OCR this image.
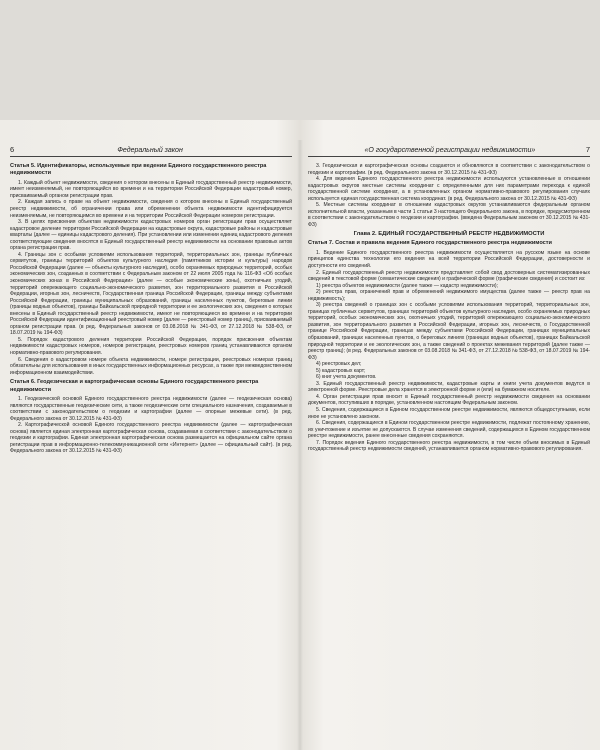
6	Федеральный закон
Статья 5. Идентификаторы, используемые при ведении Единого государственного реестра недвижимости

1. Каждый объект недвижимости, сведения о котором внесены в Единый государственный реестр недвижимости, имеет неизменяемый, не повторяющийся во времени и на территории Российской Федерации кадастровый номер, присваиваемый органом регистрации прав.

2. Каждая запись о праве на объект недвижимости, сведения о котором внесены в Единый государственный реестр недвижимости, об ограничении права или обременении объекта недвижимости идентифицируется неизменяемым, не повторяющимся во времени и на территории Российской Федерации номером регистрации.

3. В целях присвоения объектам недвижимости кадастровых номеров орган регистрации прав осуществляет кадастровое деление территории Российской Федерации на кадастровые округа, кадастровые районы и кадастровые кварталы (далее — единицы кадастрового деления). При установлении или изменении единиц кадастрового деления соответствующие сведения вносятся в Единый государственный реестр недвижимости на основании правовых актов органа регистрации прав.

4. Границы зон с особыми условиями использования территорий, территориальных зон, границы публичных сервитутов, границы территорий объектов культурного наследия (памятников истории и культуры) народов Российской Федерации (далее — объекты культурного наследия), особо охраняемых природных территорий, особых экономических зон, созданных в соответствии с Федеральным законом от 22 июля 2005 года № 116-ФЗ «Об особых экономических зонах в Российской Федерации» (далее — особые экономические зоны), охотничьих угодий, территорий опережающего социально-экономического развития, зон территориального развития в Российской Федерации, игорных зон, лесничеств, Государственная граница Российской Федерации, границы между субъектами Российской Федерации, границы муниципальных образований, границы населенных пунктов, береговые линии (границы водных объектов), границы Байкальской природной территории и ее экологических зон, сведения о которых внесены в Единый государственный реестр недвижимости, имеют не повторяющиеся во времени и на территории Российской Федерации идентификационный реестровый номер (далее — реестровый номер границ), присваиваемый органом регистрации прав. (в ред. Федеральных законов от 03.08.2018 № 341-ФЗ, от 27.12.2018 № 538-ФЗ, от 18.07.2019 № 194-ФЗ)

5. Порядок кадастрового деления территории Российской Федерации, порядок присвоения объектам недвижимости кадастровых номеров, номеров регистрации, реестровых номеров границ устанавливаются органом нормативно-правового регулирования.

6. Сведения о кадастровом номере объекта недвижимости, номере регистрации, реестровых номерах границ обязательны для использования в иных государственных информационных ресурсах, а также при межведомственном информационном взаимодействии.

Статья 6. Геодезическая и картографическая основы Единого государственного реестра недвижимости

1. Геодезической основой Единого государственного реестра недвижимости (далее — геодезическая основа) являются государственные геодезические сети, а также геодезические сети специального назначения, создаваемые в соответствии с законодательством о геодезии и картографии (далее — опорные межевые сети). (в ред. Федерального закона от 30.12.2015 № 431-ФЗ)

2. Картографической основой Единого государственного реестра недвижимости (далее — картографическая основа) является единая электронная картографическая основа, создаваемая в соответствии с законодательством о геодезии и картографии. Единая электронная картографическая основа размещается на официальном сайте органа регистрации прав в информационно-телекоммуникационной сети «Интернет» (далее — официальный сайт). (в ред. Федерального закона от 30.12.2015 № 431-ФЗ)

«О государственной регистрации недвижимости»	7

3. Геодезическая и картографическая основы создаются и обновляются в соответствии с законодательством о геодезии и картографии. (в ред. Федерального закона от 30.12.2015 № 431-ФЗ)

4. Для ведения Единого государственного реестра недвижимости используются установленные в отношении кадастровых округов местные системы координат с определенными для них параметрами перехода к единой государственной системе координат, а в установленных органом нормативно-правового регулирования случаях используется единая государственная система координат. (в ред. Федерального закона от 30.12.2015 № 431-ФЗ)

5. Местные системы координат в отношении кадастровых округов устанавливаются федеральным органом исполнительной власти, указанным в части 1 статьи 3 настоящего Федерального закона, в порядке, предусмотренном в соответствии с законодательством о геодезии и картографии. (введена Федеральным законом от 30.12.2015 № 431-ФЗ)

Глава 2. ЕДИНЫЙ ГОСУДАРСТВЕННЫЙ РЕЕСТР НЕДВИЖИМОСТИ
Статья 7. Состав и правила ведения Единого государственного реестра недвижимости

1. Ведение Единого государственного реестра недвижимости осуществляется на русском языке на основе принципов единства технологии его ведения на всей территории Российской Федерации, достоверности и доступности его сведений.

2. Единый государственный реестр недвижимости представляет собой свод достоверных систематизированных сведений в текстовой форме (семантические сведения) и графической форме (графические сведения) и состоит из:

1) реестра объектов недвижимости (далее также — кадастр недвижимости);

2) реестра прав, ограничений прав и обременений недвижимого имущества (далее также — реестр прав на недвижимость);

3) реестра сведений о границах зон с особыми условиями использования территорий, территориальных зон, границах публичных сервитутов, границах территорий объектов культурного наследия, особо охраняемых природных территорий, особых экономических зон, охотничьих угодий, территорий опережающего социально-экономического развития, зон территориального развития в Российской Федерации, игорных зон, лесничеств, о Государственной границе Российской Федерации, границах между субъектами Российской Федерации, границах муниципальных образований, границах населенных пунктов, о береговых линиях (границах водных объектов), границах Байкальской природной территории и ее экологических зон, а также сведений о проектах межевания территорий (далее также — реестр границ); (в ред. Федеральных законов от 03.08.2018 № 341-ФЗ, от 27.12.2018 № 538-ФЗ, от 18.07.2019 № 194-ФЗ)

4) реестровых дел;

5) кадастровых карт;

6) книг учета документов.

3. Единый государственный реестр недвижимости, кадастровые карты и книги учета документов ведутся в электронной форме. Реестровые дела хранятся в электронной форме и (или) на бумажном носителе.

4. Орган регистрации прав вносит в Единый государственный реестр недвижимости сведения на основании документов, поступивших в порядке, установленном настоящим Федеральным законом.

5. Сведения, содержащиеся в Едином государственном реестре недвижимости, являются общедоступными, если иное не установлено законом.

6. Сведения, содержащиеся в Едином государственном реестре недвижимости, подлежат постоянному хранению, их уничтожение и изъятие не допускаются. В случае изменения сведений, содержащихся в Едином государственном реестре недвижимости, ранее внесенные сведения сохраняются.

7. Порядок ведения Единого государственного реестра недвижимости, в том числе объем вносимых в Единый государственный реестр недвижимости сведений, устанавливается органом нормативно-правового регулирования.
